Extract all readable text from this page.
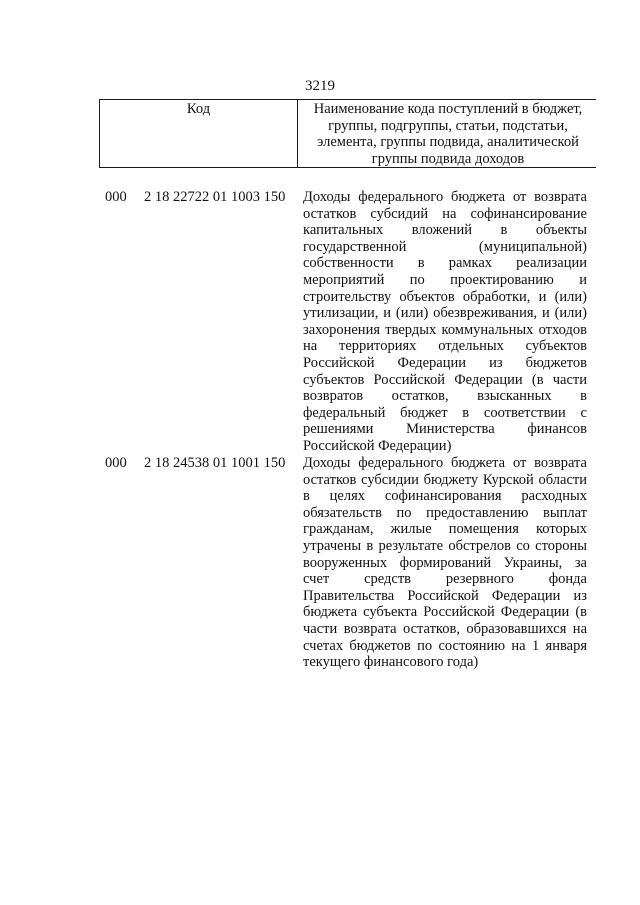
3219
Код	Наименование кода поступлений в бюджет, группы, подгруппы, статьи, подстатьи, элемента, группы подвида, аналитической группы подвида доходов
000 2 18 22722 01 1003 150 Доходы федерального бюджета от возврата остатков субсидий на софинансирование капитальных вложений в объекты государственной (муниципальной) собственности в рамках реализации мероприятий по проектированию и строительству объектов обработки, и (или) утилизации, и (или) обезвреживания, и (или) захоронения твердых коммунальных отходов на территориях отдельных субъектов Российской Федерации из бюджетов субъектов Российской Федерации (в части возвратов остатков, взысканных в федеральный бюджет в соответствии с решениями Министерства финансов Российской Федерации)
000 2 18 24538 01 1001 150 Доходы федерального бюджета от возврата остатков субсидии бюджету Курской области в целях софинансирования расходных обязательств по предоставлению выплат гражданам, жилые помещения которых утрачены в результате обстрелов со стороны вооруженных формирований Украины, за счет средств резервного фонда Правительства Российской Федерации из бюджета субъекта Российской Федерации (в части возврата остатков, образовавшихся на счетах бюджетов по состоянию на 1 января текущего финансового года)
